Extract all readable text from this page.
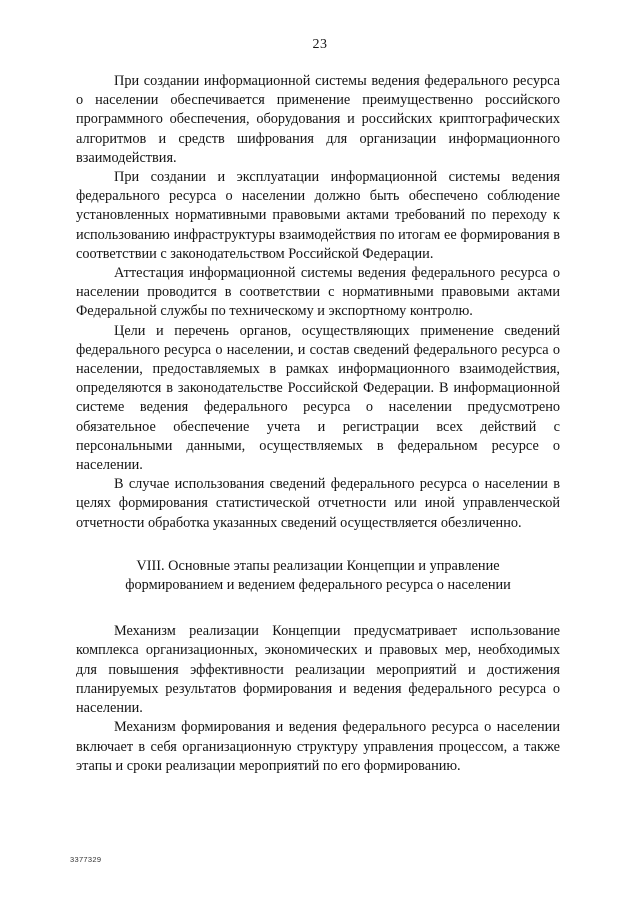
23

При создании информационной системы ведения федерального ресурса о населении обеспечивается применение преимущественно российского программного обеспечения, оборудования и российских криптографических алгоритмов и средств шифрования для организации информационного взаимодействия.

При создании и эксплуатации информационной системы ведения федерального ресурса о населении должно быть обеспечено соблюдение установленных нормативными правовыми актами требований по переходу к использованию инфраструктуры взаимодействия по итогам ее формирования в соответствии с законодательством Российской Федерации.

Аттестация информационной системы ведения федерального ресурса о населении проводится в соответствии с нормативными правовыми актами Федеральной службы по техническому и экспортному контролю.

Цели и перечень органов, осуществляющих применение сведений федерального ресурса о населении, и состав сведений федерального ресурса о населении, предоставляемых в рамках информационного взаимодействия, определяются в законодательстве Российской Федерации. В информационной системе ведения федерального ресурса о населении предусмотрено обязательное обеспечение учета и регистрации всех действий с персональными данными, осуществляемых в федеральном ресурсе о населении.

В случае использования сведений федерального ресурса о населении в целях формирования статистической отчетности или иной управленческой отчетности обработка указанных сведений осуществляется обезличенно.

VIII. Основные этапы реализации Концепции и управление
формированием и ведением федерального ресурса о населении

Механизм реализации Концепции предусматривает использование комплекса организационных, экономических и правовых мер, необходимых для повышения эффективности реализации мероприятий и достижения планируемых результатов формирования и ведения федерального ресурса о населении.

Механизм формирования и ведения федерального ресурса о населении включает в себя организационную структуру управления процессом, а также этапы и сроки реализации мероприятий по его формированию.

3377329
